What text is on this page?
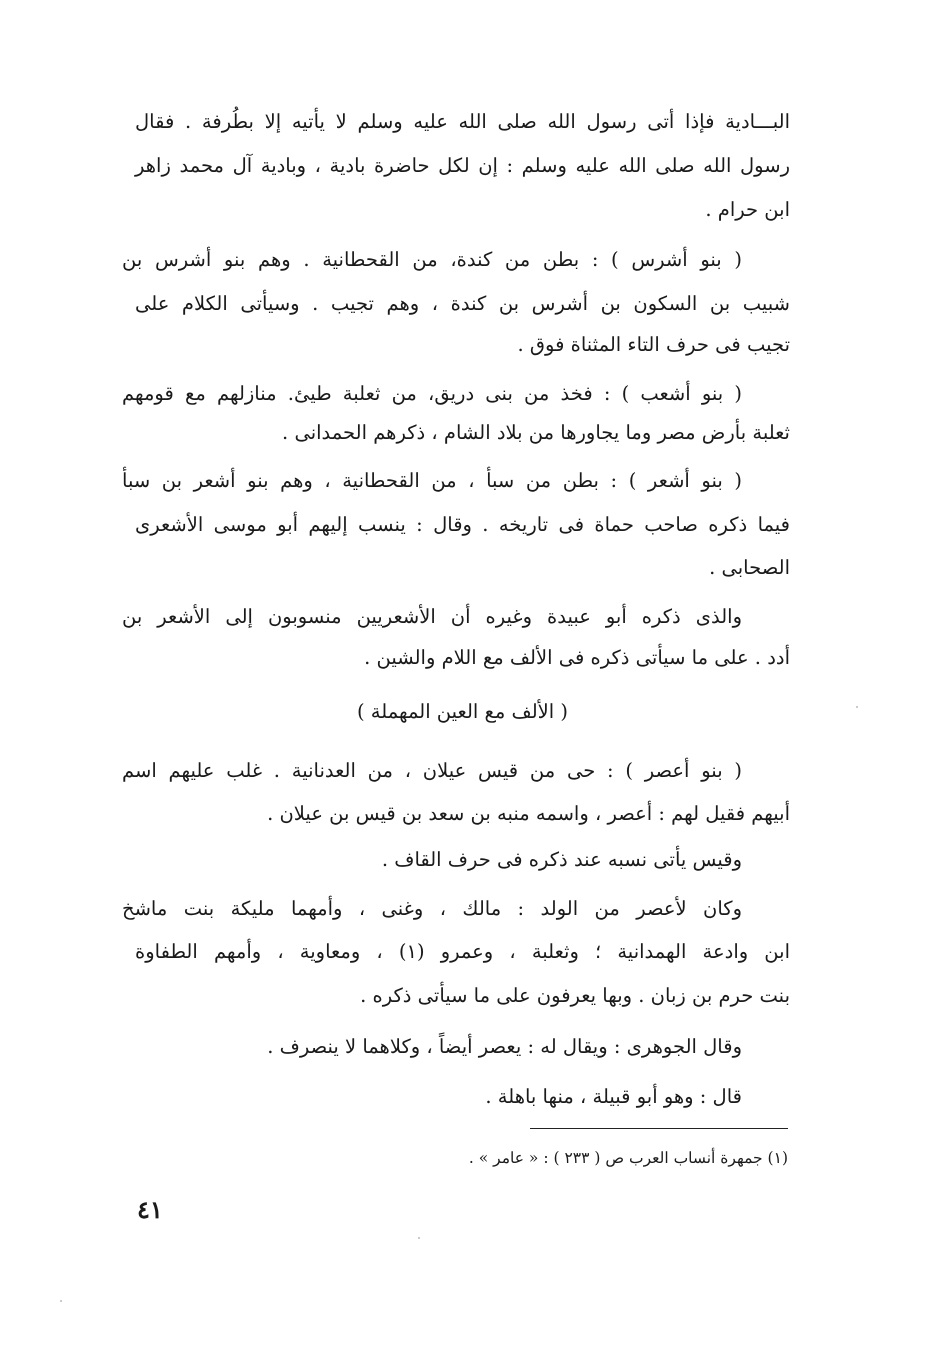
البـــادية فإذا أتى رسول الله صلى الله عليه وسلم لا يأتيه إلا بطُرفة . فقال
رسول الله صلى الله عليه وسلم : إن لكل حاضرة بادية ، وبادية آل محمد زاهر
ابن حرام .
( بنو أشرس ) : بطن من كندة، من القحطانية . وهم بنو أشرس بن
شبيب بن السكون بن أشرس بن كندة ، وهم تجيب . وسيأتى الكلام على
تجيب فى حرف التاء المثناة فوق .
( بنو أشعب ) : فخذ من بنى دريق، من ثعلبة طيئ. منازلهم مع قومهم
ثعلبة بأرض مصر وما يجاورها من بلاد الشام ، ذكرهم الحمدانى .
( بنو أشعر ) : بطن من سبأ ، من القحطانية ، وهم بنو أشعر بن سبأ
فيما ذكره صاحب حماة فى تاريخه . وقال : ينسب إليهم أبو موسى الأشعرى
الصحابى .
والذى ذكره أبو عبيدة وغيره أن الأشعريين منسوبون إلى الأشعر بن
أدد . على ما سيأتى ذكره فى الألف مع اللام والشين .
( الألف مع العين المهملة )
( بنو أعصر ) : حى من قيس عيلان ، من العدنانية . غلب عليهم اسم
أبيهم فقيل لهم : أعصر ، واسمه منبه بن سعد بن قيس بن عيلان .
وقيس يأتى نسبه عند ذكره فى حرف القاف .
وكان لأعصر من الولد : مالك ، وغنى ، وأمهما مليكة بنت ماشخ
ابن وادعة الهمدانية ؛ وثعلبة ، وعمرو (١) ، ومعاوية ، وأمهم الطفاوة
بنت حرم بن زبان . وبها يعرفون على ما سيأتى ذكره .
وقال الجوهرى : ويقال له : يعصر أيضاً ، وكلاهما لا ينصرف .
قال : وهو أبو قبيلة ، منها باهلة .
(١) جمهرة أنساب العرب ص ( ٢٣٣ ) : « عامر » .
٤١
